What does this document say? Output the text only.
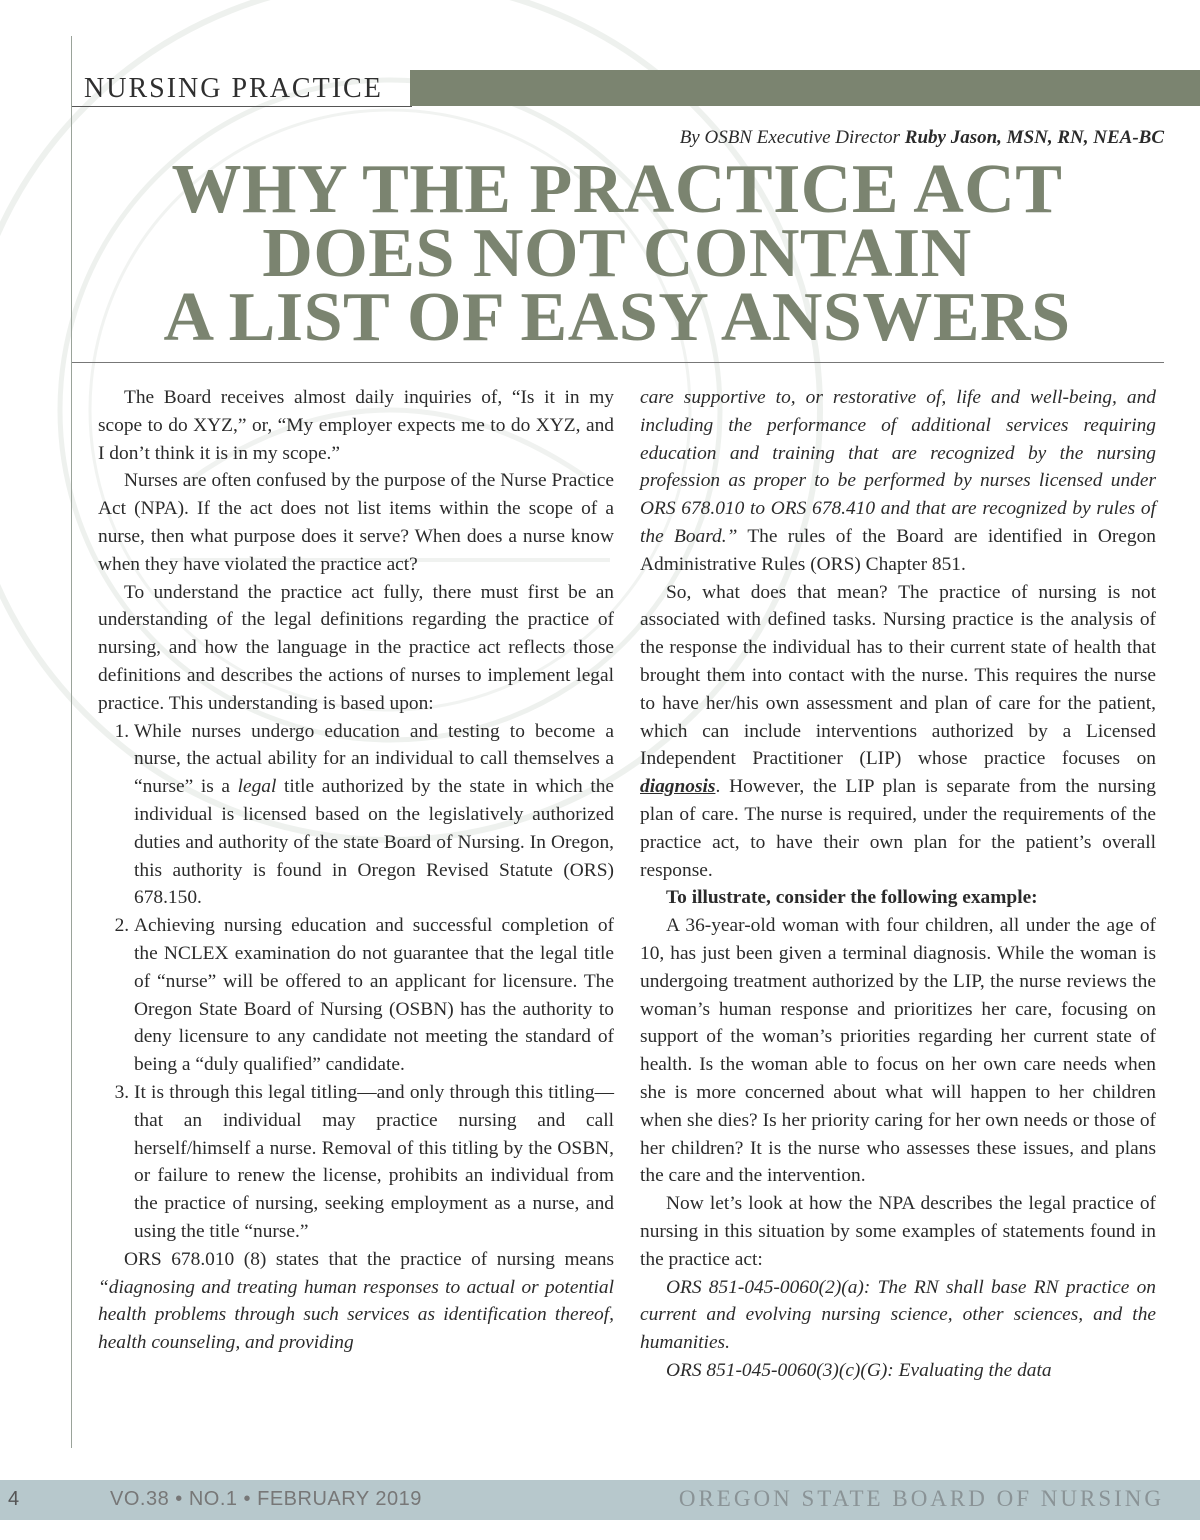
NURSING PRACTICE
By OSBN Executive Director Ruby Jason, MSN, RN, NEA-BC
WHY THE PRACTICE ACT
DOES NOT CONTAIN
A LIST OF EASY ANSWERS

The Board receives almost daily inquiries of, “Is it in my scope to do XYZ,” or, “My employer expects me to do XYZ, and I don’t think it is in my scope.”

Nurses are often confused by the purpose of the Nurse Practice Act (NPA). If the act does not list items within the scope of a nurse, then what purpose does it serve? When does a nurse know when they have violated the practice act?

To understand the practice act fully, there must first be an understanding of the legal definitions regarding the practice of nursing, and how the language in the practice act reflects those definitions and describes the actions of nurses to implement legal practice. This understanding is based upon:

1. While nurses undergo education and testing to become a nurse, the actual ability for an individual to call themselves a “nurse” is a legal title authorized by the state in which the individual is licensed based on the legislatively authorized duties and authority of the state Board of Nursing. In Oregon, this authority is found in Oregon Revised Statute (ORS) 678.150.
2. Achieving nursing education and successful completion of the NCLEX examination do not guarantee that the legal title of “nurse” will be offered to an applicant for licensure. The Oregon State Board of Nursing (OSBN) has the authority to deny licensure to any candidate not meeting the standard of being a “duly qualified” candidate.
3. It is through this legal titling—and only through this titling—that an individual may practice nursing and call herself/himself a nurse. Removal of this titling by the OSBN, or failure to renew the license, prohibits an individual from the practice of nursing, seeking employment as a nurse, and using the title “nurse.”

ORS 678.010 (8) states that the practice of nursing means “diagnosing and treating human responses to actual or potential health problems through such services as identification thereof, health counseling, and providing

care supportive to, or restorative of, life and well-being, and including the performance of additional services requiring education and training that are recognized by the nursing profession as proper to be performed by nurses licensed under ORS 678.010 to ORS 678.410 and that are recognized by rules of the Board.” The rules of the Board are identified in Oregon Administrative Rules (ORS) Chapter 851.

So, what does that mean? The practice of nursing is not associated with defined tasks. Nursing practice is the analysis of the response the individual has to their current state of health that brought them into contact with the nurse. This requires the nurse to have her/his own assessment and plan of care for the patient, which can include interventions authorized by a Licensed Independent Practitioner (LIP) whose practice focuses on diagnosis. However, the LIP plan is separate from the nursing plan of care. The nurse is required, under the requirements of the practice act, to have their own plan for the patient’s overall response.

To illustrate, consider the following example:

A 36-year-old woman with four children, all under the age of 10, has just been given a terminal diagnosis. While the woman is undergoing treatment authorized by the LIP, the nurse reviews the woman’s human response and prioritizes her care, focusing on support of the woman’s priorities regarding her current state of health. Is the woman able to focus on her own care needs when she is more concerned about what will happen to her children when she dies? Is her priority caring for her own needs or those of her children? It is the nurse who assesses these issues, and plans the care and the intervention.

Now let’s look at how the NPA describes the legal practice of nursing in this situation by some examples of statements found in the practice act:

ORS 851-045-0060(2)(a): The RN shall base RN practice on current and evolving nursing science, other sciences, and the humanities.

ORS 851-045-0060(3)(c)(G): Evaluating the data

4	VO.38 • NO.1 • FEBRUARY 2019	OREGON STATE BOARD OF NURSING
